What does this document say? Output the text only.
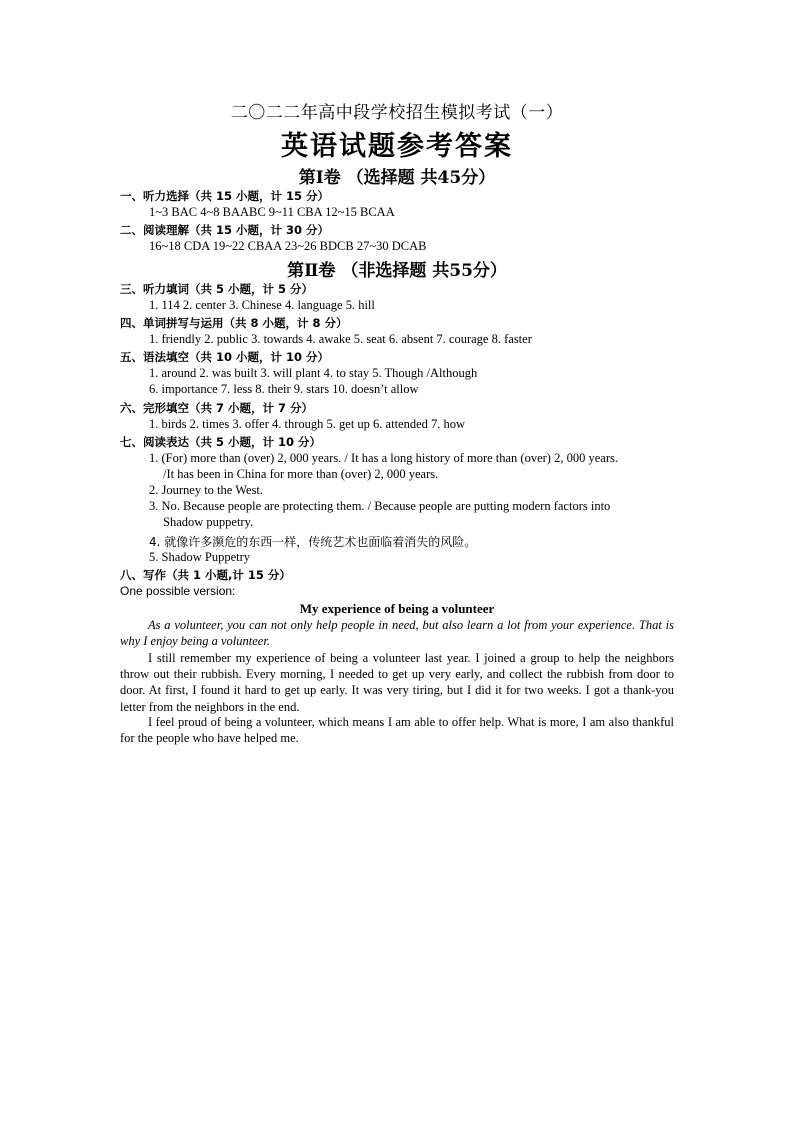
二〇二二年高中段学校招生模拟考试（一）
英语试题参考答案
第Ⅰ卷 （选择题 共45分）
一、听力选择（共 15 小题，计 15 分）
1~3 BAC 4~8 BAABC 9~11 CBA 12~15 BCAA
二、阅读理解（共 15 小题，计 30 分）
16~18 CDA 19~22 CBAA 23~26 BDCB 27~30 DCAB
第Ⅱ卷 （非选择题 共55分）
三、听力填词（共 5 小题，计 5 分）
1. 114 2. center 3. Chinese 4. language 5. hill
四、单词拼写与运用（共 8 小题，计 8 分）
1. friendly 2. public 3. towards 4. awake 5. seat 6. absent 7. courage 8. faster
五、语法填空（共 10 小题，计 10 分）
1. around 2. was built 3. will plant 4. to stay 5. Though /Although
6. importance 7. less 8. their 9. stars 10. doesn’t allow
六、完形填空（共 7 小题，计 7 分）
1. birds 2. times 3. offer 4. through 5. get up 6. attended 7. how
七、阅读表达（共 5 小题，计 10 分）
1. (For) more than (over) 2, 000 years. / It has a long history of more than (over) 2, 000 years.
/It has been in China for more than (over) 2, 000 years.
2. Journey to the West.
3. No. Because people are protecting them. / Because people are putting modern factors into
Shadow puppetry.
4. 就像许多濒危的东西一样，传统艺术也面临着消失的风险。
5. Shadow Puppetry
八、写作（共 1 小题,计 15 分）
One possible version:
My experience of being a volunteer

As a volunteer, you can not only help people in need, but also learn a lot from your experience. That is why I enjoy being a volunteer.

I still remember my experience of being a volunteer last year. I joined a group to help the neighbors throw out their rubbish. Every morning, I needed to get up very early, and collect the rubbish from door to door. At first, I found it hard to get up early. It was very tiring, but I did it for two weeks. I got a thank-you letter from the neighbors in the end.

I feel proud of being a volunteer, which means I am able to offer help. What is more, I am also thankful for the people who have helped me.
